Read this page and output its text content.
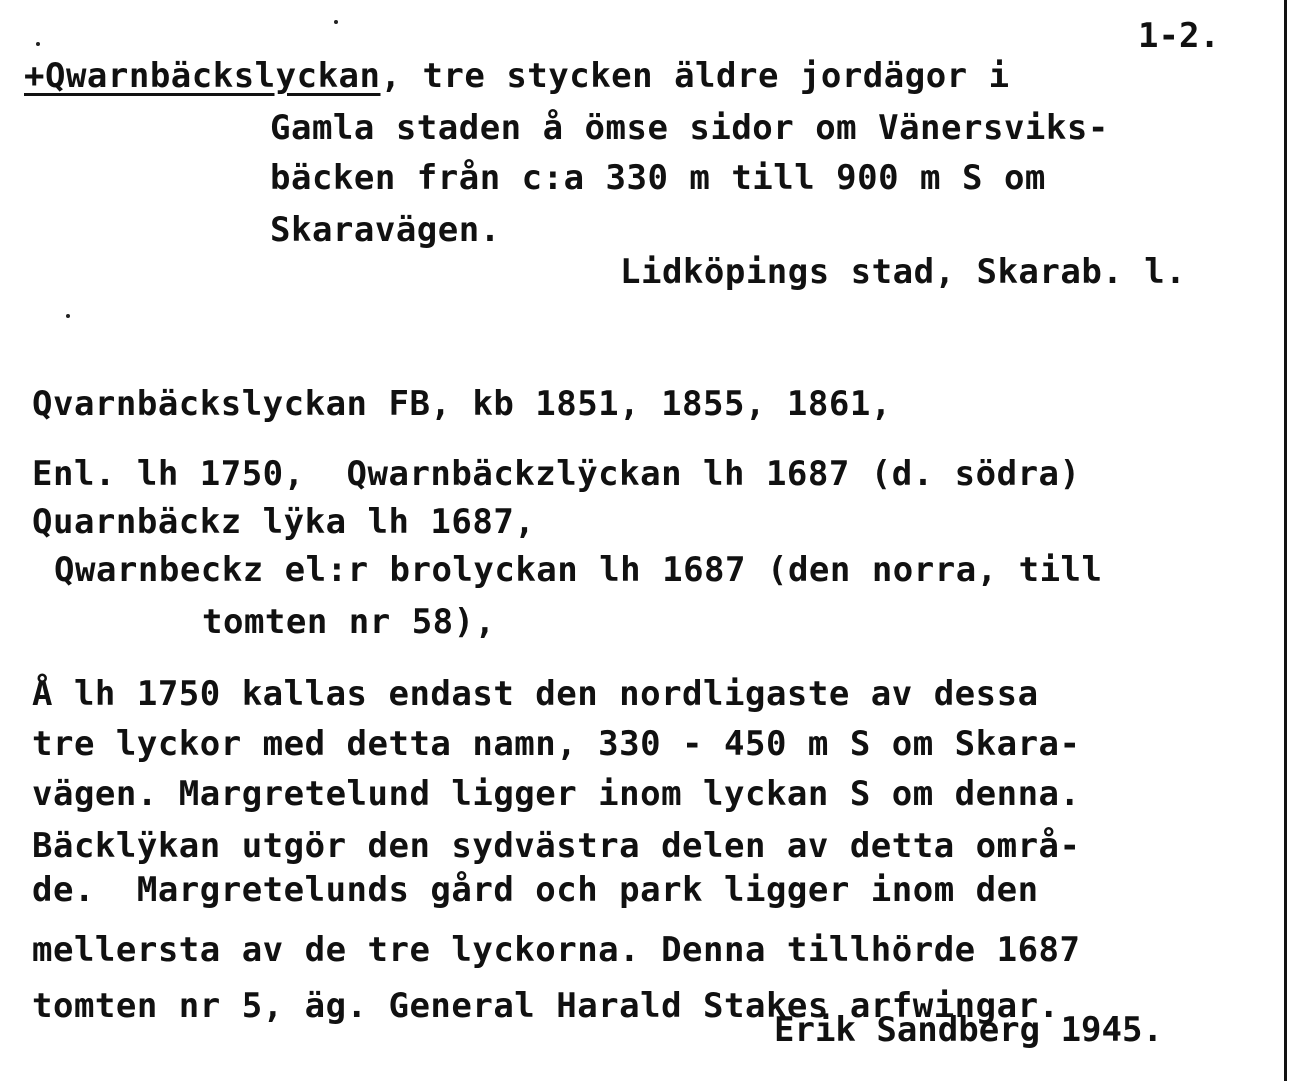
1-2.
+Qwarnbäckslyckan, tre stycken äldre jordägor i
Gamla staden å ömse sidor om Vänersviks-
bäcken från c:a 330 m till 900 m S om
Skaravägen.
Lidköpings stad, Skarab. l.
Qvarnbäckslyckan FB, kb 1851, 1855, 1861,
Enl. lh 1750,  Qwarnbäckzlÿckan lh 1687 (d. södra)
Quarnbäckz lÿka lh 1687,
Qwarnbeckz el:r brolyckan lh 1687 (den norra, till
tomten nr 58),
Å lh 1750 kallas endast den nordligaste av dessa
tre lyckor med detta namn, 330 - 450 m S om Skara-
vägen. Margretelund ligger inom lyckan S om denna.
Bäcklÿkan utgör den sydvästra delen av detta områ-
de.  Margretelunds gård och park ligger inom den
mellersta av de tre lyckorna. Denna tillhörde 1687
tomten nr 5, äg. General Harald Stakes arfwingar.
Erik Sandberg 1945.
